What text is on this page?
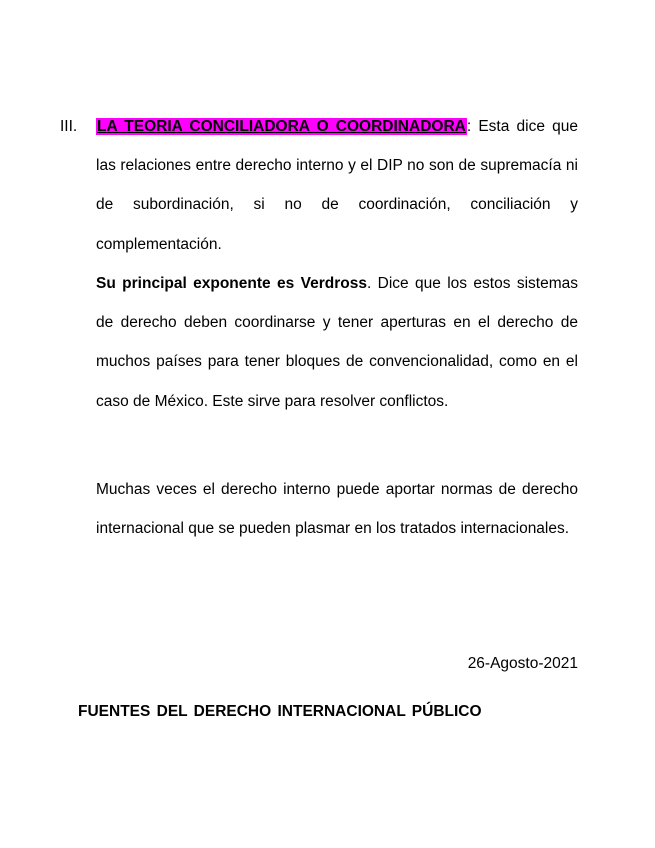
III. LA TEORIA CONCILIADORA O COORDINADORA: Esta dice que las relaciones entre derecho interno y el DIP no son de supremacía ni de subordinación, si no de coordinación, conciliación y complementación.
Su principal exponente es Verdross. Dice que los estos sistemas de derecho deben coordinarse y tener aperturas en el derecho de muchos países para tener bloques de convencionalidad, como en el caso de México. Este sirve para resolver conflictos.
Muchas veces el derecho interno puede aportar normas de derecho internacional que se pueden plasmar en los tratados internacionales.
26-Agosto-2021
FUENTES DEL DERECHO INTERNACIONAL PÚBLICO
